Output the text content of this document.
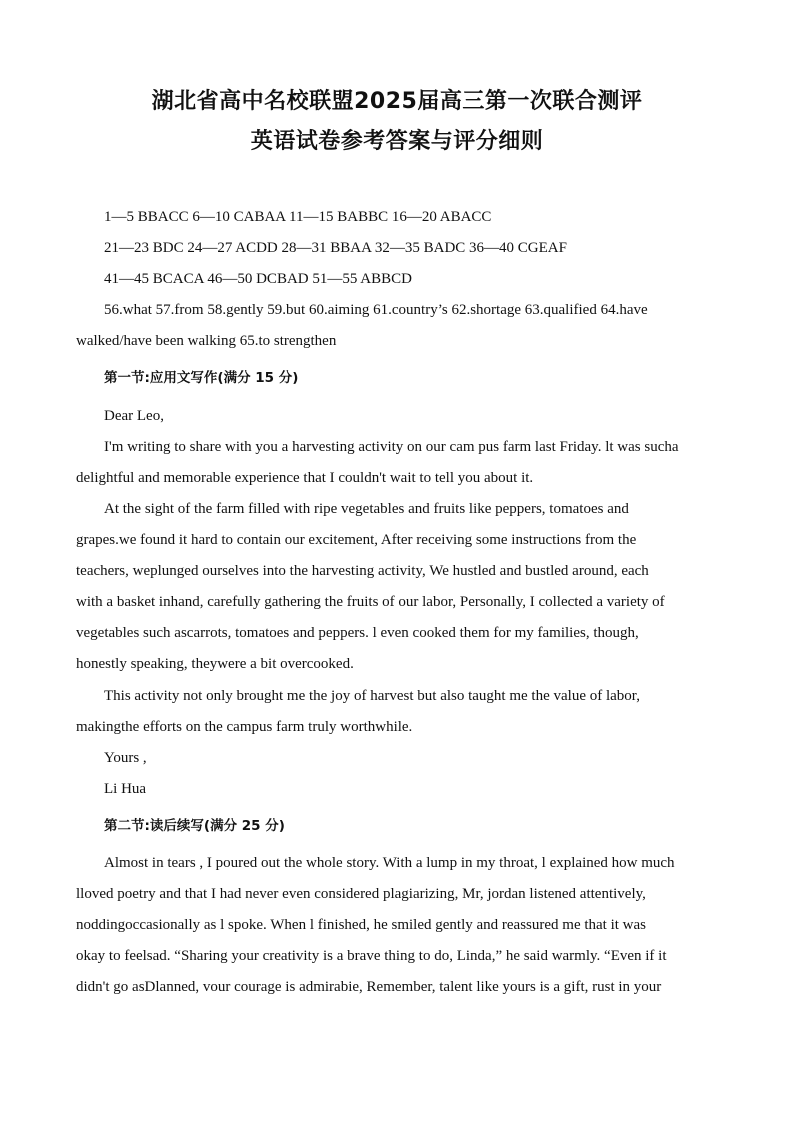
湖北省高中名校联盟2025届高三第一次联合测评
英语试卷参考答案与评分细则
1—5 BBACC 6—10 CABAA 11—15 BABBC 16—20 ABACC
21—23 BDC 24—27 ACDD 28—31 BBAA 32—35 BADC 36—40 CGEAF
41—45 BCACA 46—50 DCBAD 51—55 ABBCD
56.what 57.from 58.gently 59.but 60.aiming 61.country’s 62.shortage 63.qualified 64.have
walked/have been walking 65.to strengthen
第一节:应用文写作(满分 15 分)
Dear Leo,
I'm writing to share with you a harvesting activity on our cam pus farm last Friday. lt was sucha
delightful and memorable experience that I couldn't wait to tell you about it.
At the sight of the farm filled with ripe vegetables and fruits like peppers, tomatoes and
grapes.we found it hard to contain our excitement, After receiving some instructions from the
teachers, weplunged ourselves into the harvesting activity, We hustled and bustled around, each
with a basket inhand, carefully gathering the fruits of our labor, Personally, I collected a variety of
vegetables such ascarrots, tomatoes and peppers. l even cooked them for my families, though,
honestly speaking, theywere a bit overcooked.
This activity not only brought me the joy of harvest but also taught me the value of labor,
makingthe efforts on the campus farm truly worthwhile.
Yours ,
Li Hua
第二节:读后续写(满分 25 分)
Almost in tears , I poured out the whole story. With a lump in my throat, l explained how much
lloved poetry and that I had never even considered plagiarizing, Mr, jordan listened attentively,
noddingoccasionally as l spoke. When l finished, he smiled gently and reassured me that it was
okay to feelsad. “Sharing your creativity is a brave thing to do, Linda,” he said warmly. “Even if it
didn't go asDlanned, vour courage is admirabie, Remember, talent like yours is a gift, rust in your
